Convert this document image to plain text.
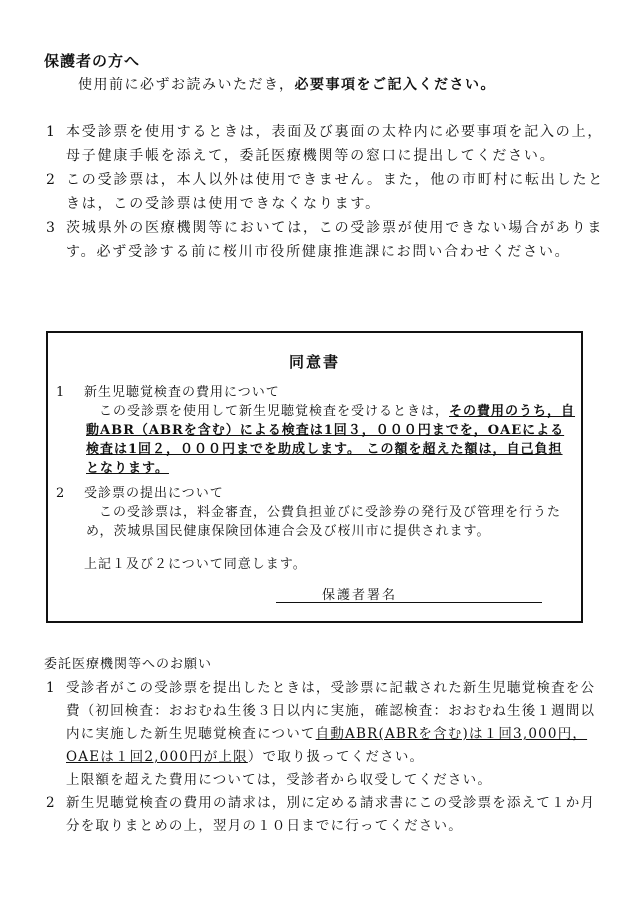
保護者の方へ
使用前に必ずお読みいただき，必要事項をご記入ください。
1 本受診票を使用するときは，表面及び裏面の太枠内に必要事項を記入の上，母子健康手帳を添えて，委託医療機関等の窓口に提出してください。
2 この受診票は，本人以外は使用できません。また，他の市町村に転出したときは，この受診票は使用できなくなります。
3 茨城県外の医療機関等においては，この受診票が使用できない場合があります。必ず受診する前に桜川市役所健康推進課にお問い合わせください。
同意書
1	新生児聴覚検査の費用について
この受診票を使用して新生児聴覚検査を受けるときは，その費用のうち，自動ABR（ABRを含む）による検査は1回３，０００円までを，OAEによる検査は1回２，０００円までを助成します。 この額を超えた額は，自己負担となります。
2	受診票の提出について
この受診票は，料金審査，公費負担並びに受診券の発行及び管理を行うため，茨城県国民健康保険団体連合会及び桜川市に提供されます。
上記１及び２について同意します。
保護者署名
委託医療機関等へのお願い
1 受診者がこの受診票を提出したときは，受診票に記載された新生児聴覚検査を公費（初回検査：おおむね生後３日以内に実施，確認検査：おおむね生後１週間以内に実施した新生児聴覚検査について自動ABR(ABRを含む)は１回3,000円，OAEは１回2,000円が上限）で取り扱ってください。
上限額を超えた費用については，受診者から収受してください。
2 新生児聴覚検査の費用の請求は，別に定める請求書にこの受診票を添えて１か月分を取りまとめの上，翌月の１０日までに行ってください。
